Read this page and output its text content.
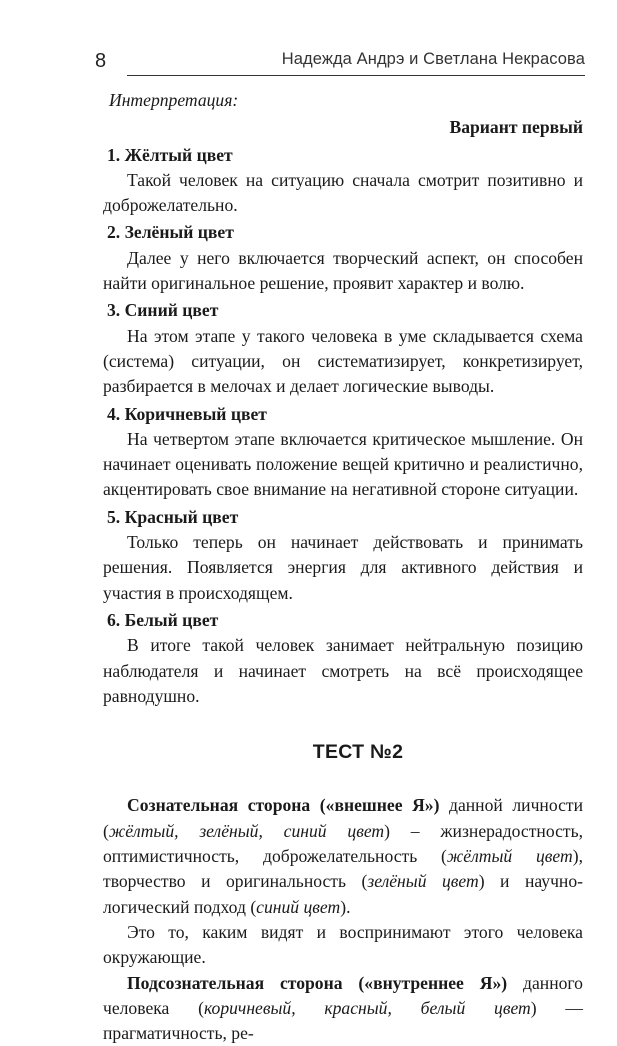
8	Надежда Андрэ и Светлана Некрасова

Интерпретация:

Вариант первый

1. Жёлтый цвет

Такой человек на ситуацию сначала смотрит позитивно и доброжелательно.

2. Зелёный цвет

Далее у него включается творческий аспект, он способен найти оригинальное решение, проявит характер и волю.

3. Синий цвет

На этом этапе у такого человека в уме складывается схема (система) ситуации, он систематизирует, конкретизирует, разбирается в мелочах и делает логические выводы.

4. Коричневый цвет

На четвертом этапе включается критическое мышление. Он начинает оценивать положение вещей критично и реалистично, акцентировать свое внимание на негативной стороне ситуации.

5. Красный цвет

Только теперь он начинает действовать и принимать решения. Появляется энергия для активного действия и участия в происходящем.

6. Белый цвет

В итоге такой человек занимает нейтральную позицию наблюдателя и начинает смотреть на всё происходящее равнодушно.

ТЕСТ №2

Сознательная сторона («внешнее Я») данной личности (жёлтый, зелёный, синий цвет) – жизнерадостность, оптимистичность, доброжелательность (жёлтый цвет), творчество и оригинальность (зелёный цвет) и научно-логический подход (синий цвет).

Это то, каким видят и воспринимают этого человека окружающие.

Подсознательная сторона («внутреннее Я») данного человека (коричневый, красный, белый цвет) — прагматичность, ре-
